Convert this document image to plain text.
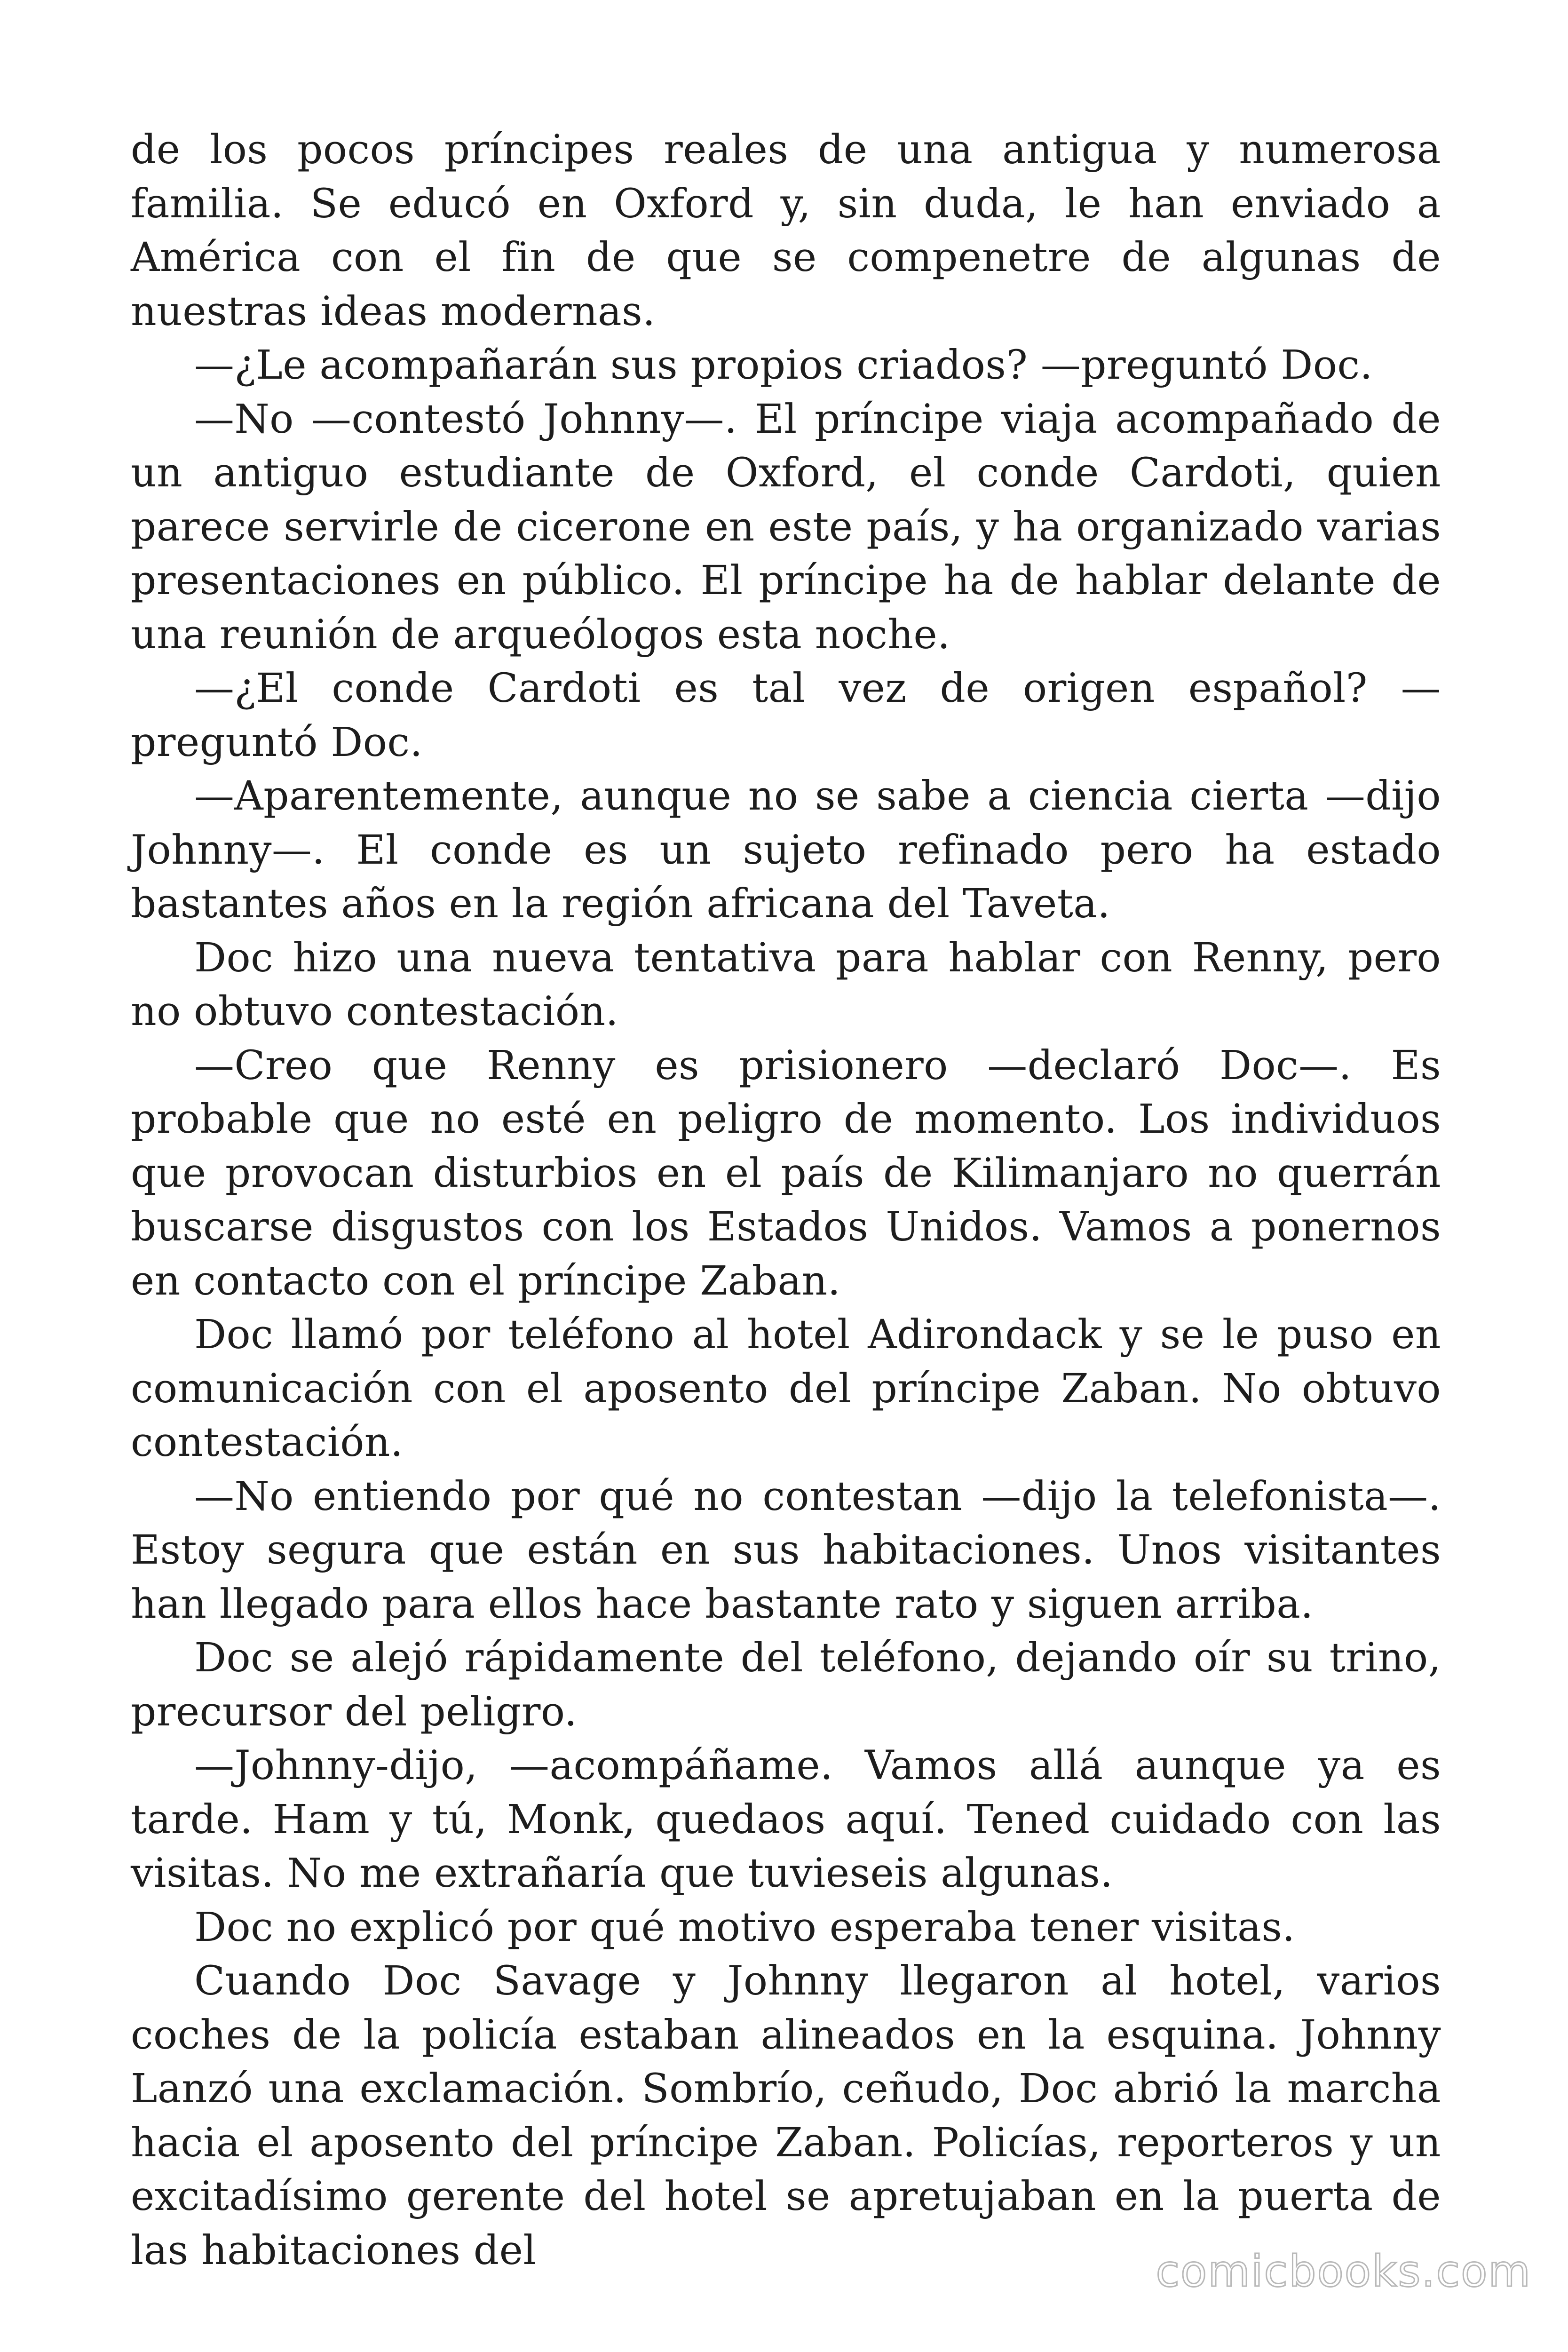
de los pocos príncipes reales de una antigua y numerosa familia. Se educó en Oxford y, sin duda, le han enviado a América con el fin de que se compenetre de algunas de nuestras ideas modernas.

—¿Le acompañarán sus propios criados? —preguntó Doc.

—No —contestó Johnny—. El príncipe viaja acompañado de un antiguo estudiante de Oxford, el conde Cardoti, quien parece servirle de cicerone en este país, y ha organizado varias presentaciones en público. El príncipe ha de hablar delante de una reunión de arqueólogos esta noche.

—¿El conde Cardoti es tal vez de origen español? —preguntó Doc.

—Aparentemente, aunque no se sabe a ciencia cierta —dijo Johnny—. El conde es un sujeto refinado pero ha estado bastantes años en la región africana del Taveta.

Doc hizo una nueva tentativa para hablar con Renny, pero no obtuvo contestación.

—Creo que Renny es prisionero —declaró Doc—. Es probable que no esté en peligro de momento. Los individuos que provocan disturbios en el país de Kilimanjaro no querrán buscarse disgustos con los Estados Unidos. Vamos a ponernos en contacto con el príncipe Zaban.

Doc llamó por teléfono al hotel Adirondack y se le puso en comunicación con el aposento del príncipe Zaban. No obtuvo contestación.

—No entiendo por qué no contestan —dijo la telefonista—. Estoy segura que están en sus habitaciones. Unos visitantes han llegado para ellos hace bastante rato y siguen arriba.

Doc se alejó rápidamente del teléfono, dejando oír su trino, precursor del peligro.

—Johnny-dijo, —acompáñame. Vamos allá aunque ya es tarde. Ham y tú, Monk, quedaos aquí. Tened cuidado con las visitas. No me extrañaría que tuvieseis algunas.

Doc no explicó por qué motivo esperaba tener visitas.

Cuando Doc Savage y Johnny llegaron al hotel, varios coches de la policía estaban alineados en la esquina. Johnny Lanzó una exclamación. Sombrío, ceñudo, Doc abrió la marcha hacia el aposento del príncipe Zaban. Policías, reporteros y un excitadísimo gerente del hotel se apretujaban en la puerta de las habitaciones del	comicbooks.com
